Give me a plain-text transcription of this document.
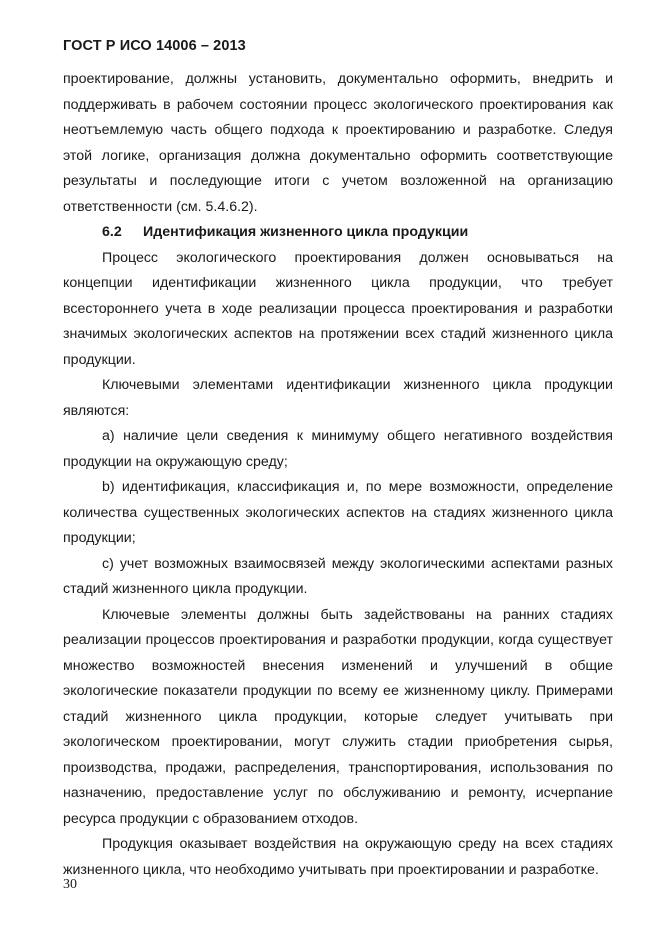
ГОСТ Р ИСО 14006 – 2013

проектирование, должны установить, документально оформить, внедрить и поддерживать в рабочем состоянии процесс экологического проектирования как неотъемлемую часть общего подхода к проектированию и разработке. Следуя этой логике, организация должна документально оформить соответствующие результаты и последующие итоги с учетом возложенной на организацию ответственности (см. 5.4.6.2).

6.2 Идентификация жизненного цикла продукции

Процесс экологического проектирования должен основываться на концепции идентификации жизненного цикла продукции, что требует всестороннего учета в ходе реализации процесса проектирования и разработки значимых экологических аспектов на протяжении всех стадий жизненного цикла продукции.

Ключевыми элементами идентификации жизненного цикла продукции являются:

a) наличие цели сведения к минимуму общего негативного воздействия продукции на окружающую среду;

b) идентификация, классификация и, по мере возможности, определение количества существенных экологических аспектов на стадиях жизненного цикла продукции;

c) учет возможных взаимосвязей между экологическими аспектами разных стадий жизненного цикла продукции.

Ключевые элементы должны быть задействованы на ранних стадиях реализации процессов проектирования и разработки продукции, когда существует множество возможностей внесения изменений и улучшений в общие экологические показатели продукции по всему ее жизненному циклу. Примерами стадий жизненного цикла продукции, которые следует учитывать при экологическом проектировании, могут служить стадии приобретения сырья, производства, продажи, распределения, транспортирования, использования по назначению, предоставление услуг по обслуживанию и ремонту, исчерпание ресурса продукции с образованием отходов.

Продукция оказывает воздействия на окружающую среду на всех стадиях жизненного цикла, что необходимо учитывать при проектировании и разработке.

30
